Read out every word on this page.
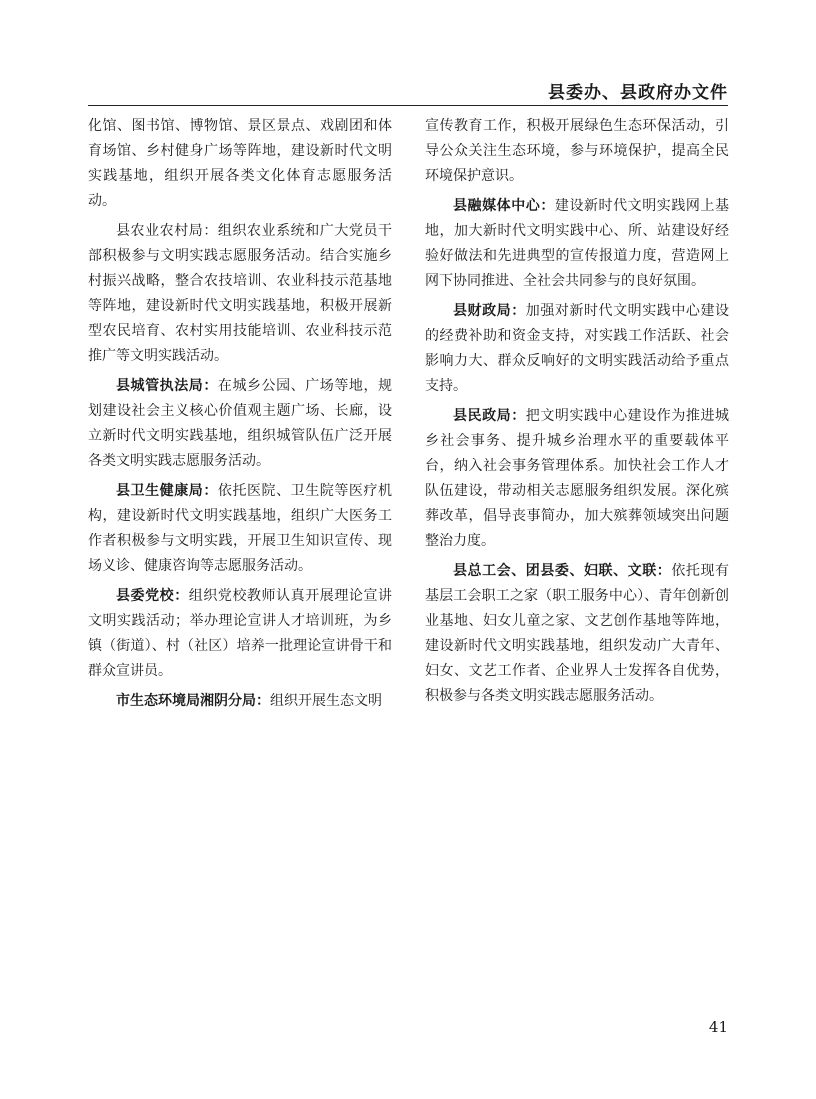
县委办、县政府办文件

化馆、图书馆、博物馆、景区景点、戏剧团和体育场馆、乡村健身广场等阵地，建设新时代文明实践基地，组织开展各类文化体育志愿服务活动。

县农业农村局：组织农业系统和广大党员干部积极参与文明实践志愿服务活动。结合实施乡村振兴战略，整合农技培训、农业科技示范基地等阵地，建设新时代文明实践基地，积极开展新型农民培育、农村实用技能培训、农业科技示范推广等文明实践活动。

县城管执法局：在城乡公园、广场等地，规划建设社会主义核心价值观主题广场、长廊，设立新时代文明实践基地，组织城管队伍广泛开展各类文明实践志愿服务活动。

县卫生健康局：依托医院、卫生院等医疗机构，建设新时代文明实践基地，组织广大医务工作者积极参与文明实践，开展卫生知识宣传、现场义诊、健康咨询等志愿服务活动。

县委党校：组织党校教师认真开展理论宣讲文明实践活动；举办理论宣讲人才培训班，为乡镇（街道）、村（社区）培养一批理论宣讲骨干和群众宣讲员。

市生态环境局湘阴分局：组织开展生态文明

宣传教育工作，积极开展绿色生态环保活动，引导公众关注生态环境，参与环境保护，提高全民环境保护意识。

县融媒体中心：建设新时代文明实践网上基地，加大新时代文明实践中心、所、站建设好经验好做法和先进典型的宣传报道力度，营造网上网下协同推进、全社会共同参与的良好氛围。

县财政局：加强对新时代文明实践中心建设的经费补助和资金支持，对实践工作活跃、社会影响力大、群众反响好的文明实践活动给予重点支持。

县民政局：把文明实践中心建设作为推进城乡社会事务、提升城乡治理水平的重要载体平台，纳入社会事务管理体系。加快社会工作人才队伍建设，带动相关志愿服务组织发展。深化殡葬改革，倡导丧事简办，加大殡葬领域突出问题整治力度。

县总工会、团县委、妇联、文联：依托现有基层工会职工之家（职工服务中心）、青年创新创业基地、妇女儿童之家、文艺创作基地等阵地，建设新时代文明实践基地，组织发动广大青年、妇女、文艺工作者、企业界人士发挥各自优势，积极参与各类文明实践志愿服务活动。

41
